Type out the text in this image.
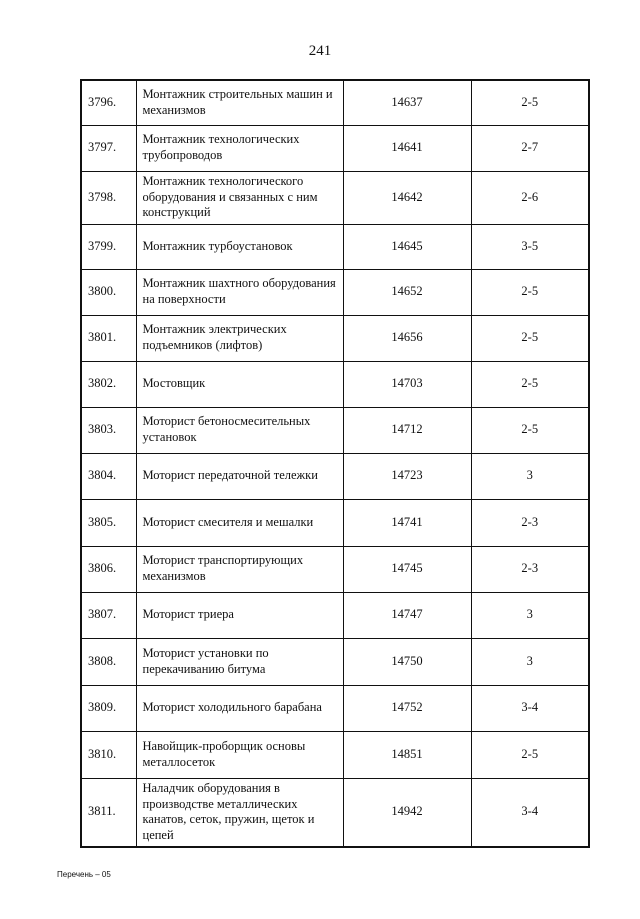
241
3796.	Монтажник строительных машин и механизмов	14637	2-5
3797.	Монтажник технологических трубопроводов	14641	2-7
3798.	Монтажник технологического оборудования и связанных с ним конструкций	14642	2-6
3799.	Монтажник турбоустановок	14645	3-5
3800.	Монтажник шахтного оборудования на поверхности	14652	2-5
3801.	Монтажник электрических подъемников (лифтов)	14656	2-5
3802.	Мостовщик	14703	2-5
3803.	Моторист бетоносмесительных установок	14712	2-5
3804.	Моторист передаточной тележки	14723	3
3805.	Моторист смесителя и мешалки	14741	2-3
3806.	Моторист транспортирующих механизмов	14745	2-3
3807.	Моторист триера	14747	3
3808.	Моторист установки по перекачиванию битума	14750	3
3809.	Моторист холодильного барабана	14752	3-4
3810.	Навойщик-проборщик основы металлосеток	14851	2-5
3811.	Наладчик оборудования в производстве металлических канатов, сеток, пружин, щеток и цепей	14942	3-4
Перечень – 05
